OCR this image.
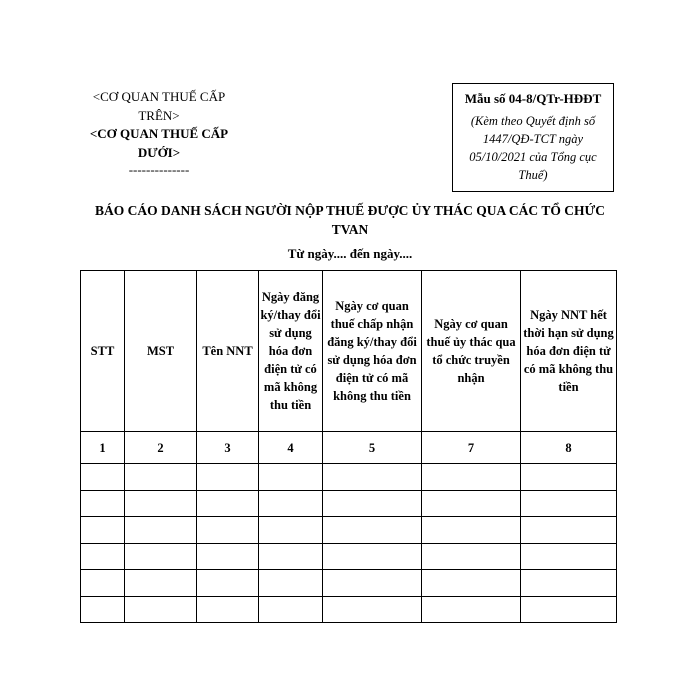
<CƠ QUAN THUẾ CẤP TRÊN>
<CƠ QUAN THUẾ CẤP DƯỚI>
--------------
Mẫu số 04-8/QTr-HĐĐT
(Kèm theo Quyết định số 1447/QĐ-TCT ngày 05/10/2021 của Tổng cục Thuế)
BÁO CÁO DANH SÁCH NGƯỜI NỘP THUẾ ĐƯỢC ỦY THÁC QUA CÁC TỔ CHỨC TVAN
Từ ngày.... đến ngày....
STT	MST	Tên NNT	Ngày đăng ký/thay đổi sử dụng hóa đơn điện tử có mã không thu tiền	Ngày cơ quan thuế chấp nhận đăng ký/thay đổi sử dụng hóa đơn điện tử có mã không thu tiền	Ngày cơ quan thuế ủy thác qua tổ chức truyền nhận	Ngày NNT hết thời hạn sử dụng hóa đơn điện tử có mã không thu tiền
1	2	3	4	5	7	8
